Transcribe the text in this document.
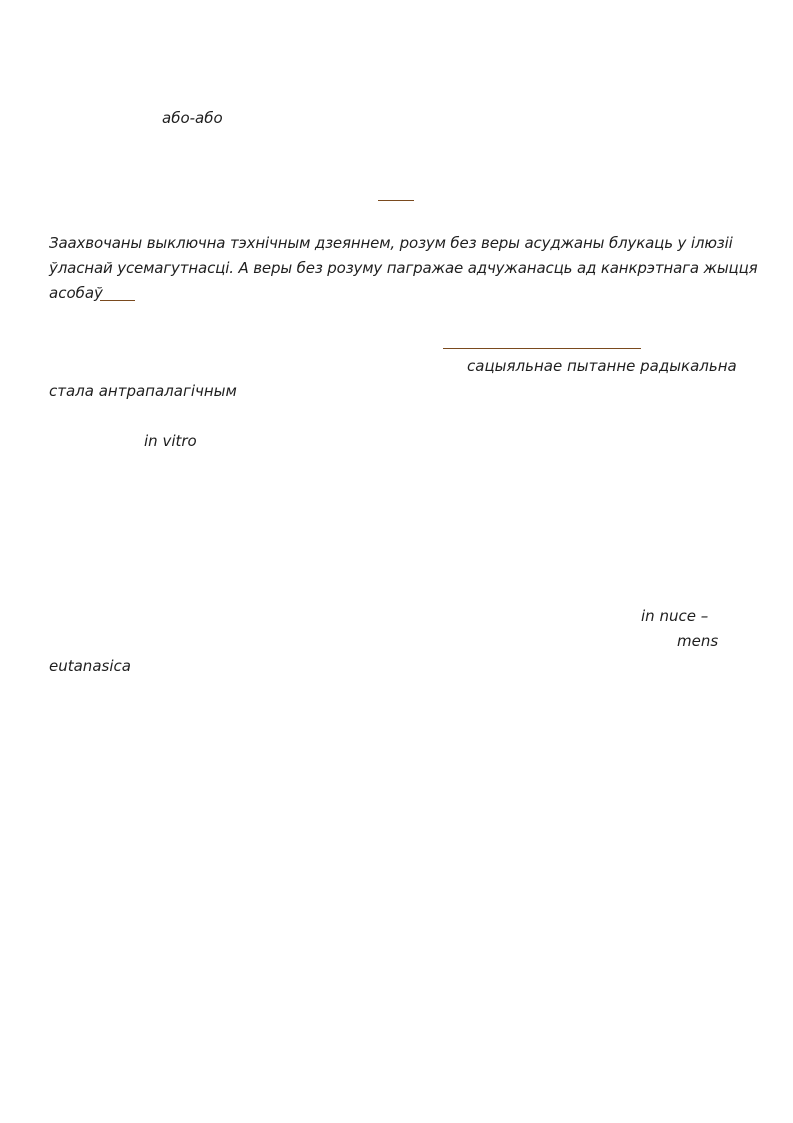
або-або
Заахвочаны выключна тэхнічным дзеяннем, розум без веры асуджаны блукаць у ілюзіі
ўласнай усемагутнасці. А веры без розуму пагражае адчужанасць ад канкрэтнага жыцця
асобаў
сацыяльнае пытанне радыкальна
стала антрапалагічным
in vitro
in nuce –
mens
eutanasica
